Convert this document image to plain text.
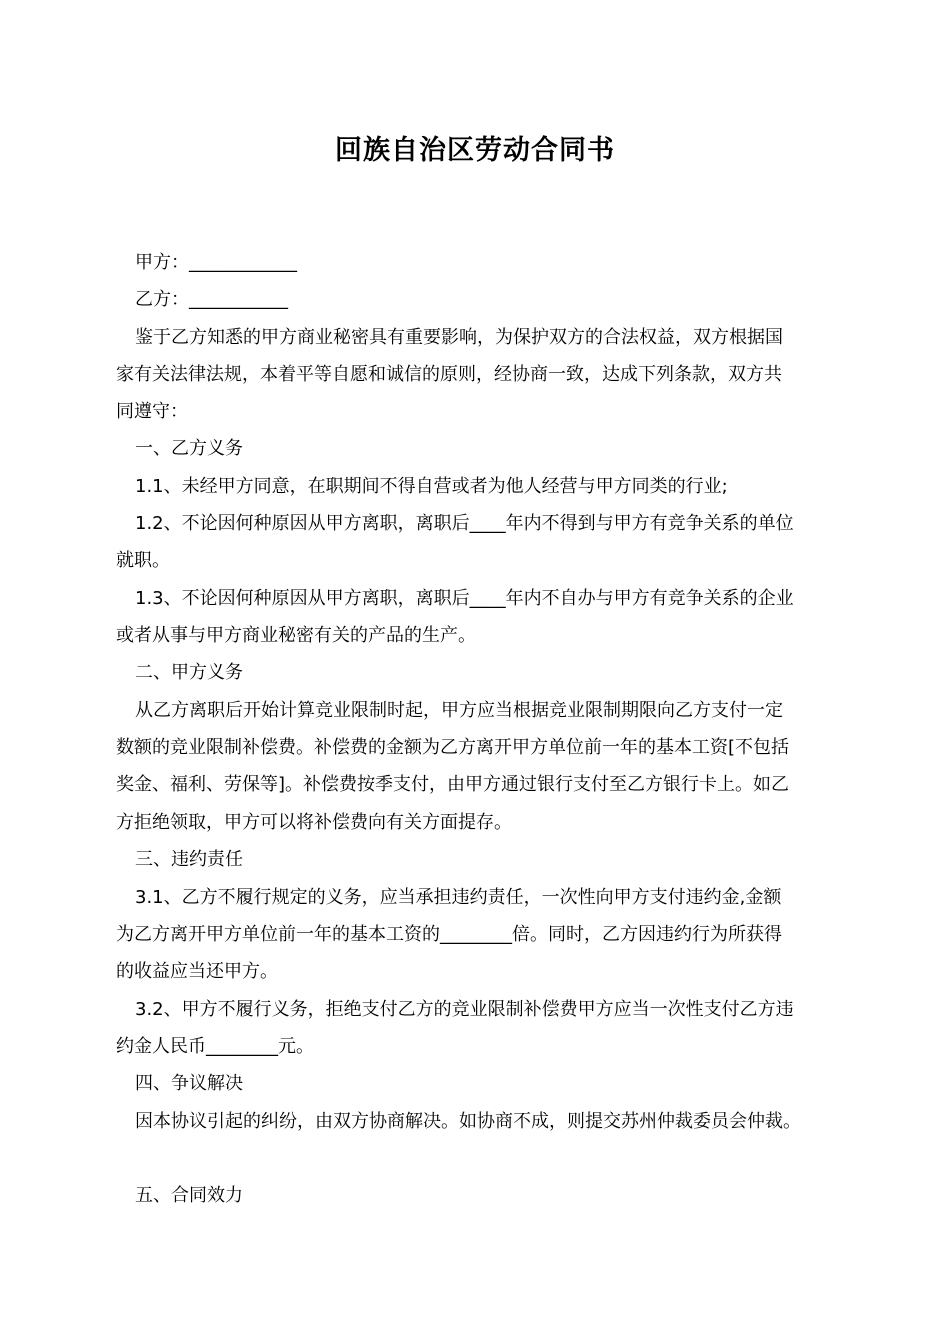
回族自治区劳动合同书
甲方：____________
乙方：___________
鉴于乙方知悉的甲方商业秘密具有重要影响，为保护双方的合法权益，双方根据国
家有关法律法规，本着平等自愿和诚信的原则，经协商一致，达成下列条款，双方共
同遵守：
一、乙方义务
1.1、未经甲方同意，在职期间不得自营或者为他人经营与甲方同类的行业;
1.2、不论因何种原因从甲方离职，离职后____年内不得到与甲方有竞争关系的单位
就职。
1.3、不论因何种原因从甲方离职，离职后____年内不自办与甲方有竞争关系的企业
或者从事与甲方商业秘密有关的产品的生产。
二、甲方义务
从乙方离职后开始计算竞业限制时起，甲方应当根据竞业限制期限向乙方支付一定
数额的竞业限制补偿费。补偿费的金额为乙方离开甲方单位前一年的基本工资[不包括
奖金、福利、劳保等]。补偿费按季支付，由甲方通过银行支付至乙方银行卡上。如乙
方拒绝领取，甲方可以将补偿费向有关方面提存。
三、违约责任
3.1、乙方不履行规定的义务，应当承担违约责任，一次性向甲方支付违约金,金额
为乙方离开甲方单位前一年的基本工资的________倍。同时，乙方因违约行为所获得
的收益应当还甲方。
3.2、甲方不履行义务，拒绝支付乙方的竞业限制补偿费甲方应当一次性支付乙方违
约金人民币________元。
四、争议解决
因本协议引起的纠纷，由双方协商解决。如协商不成，则提交苏州仲裁委员会仲裁。
五、合同效力
